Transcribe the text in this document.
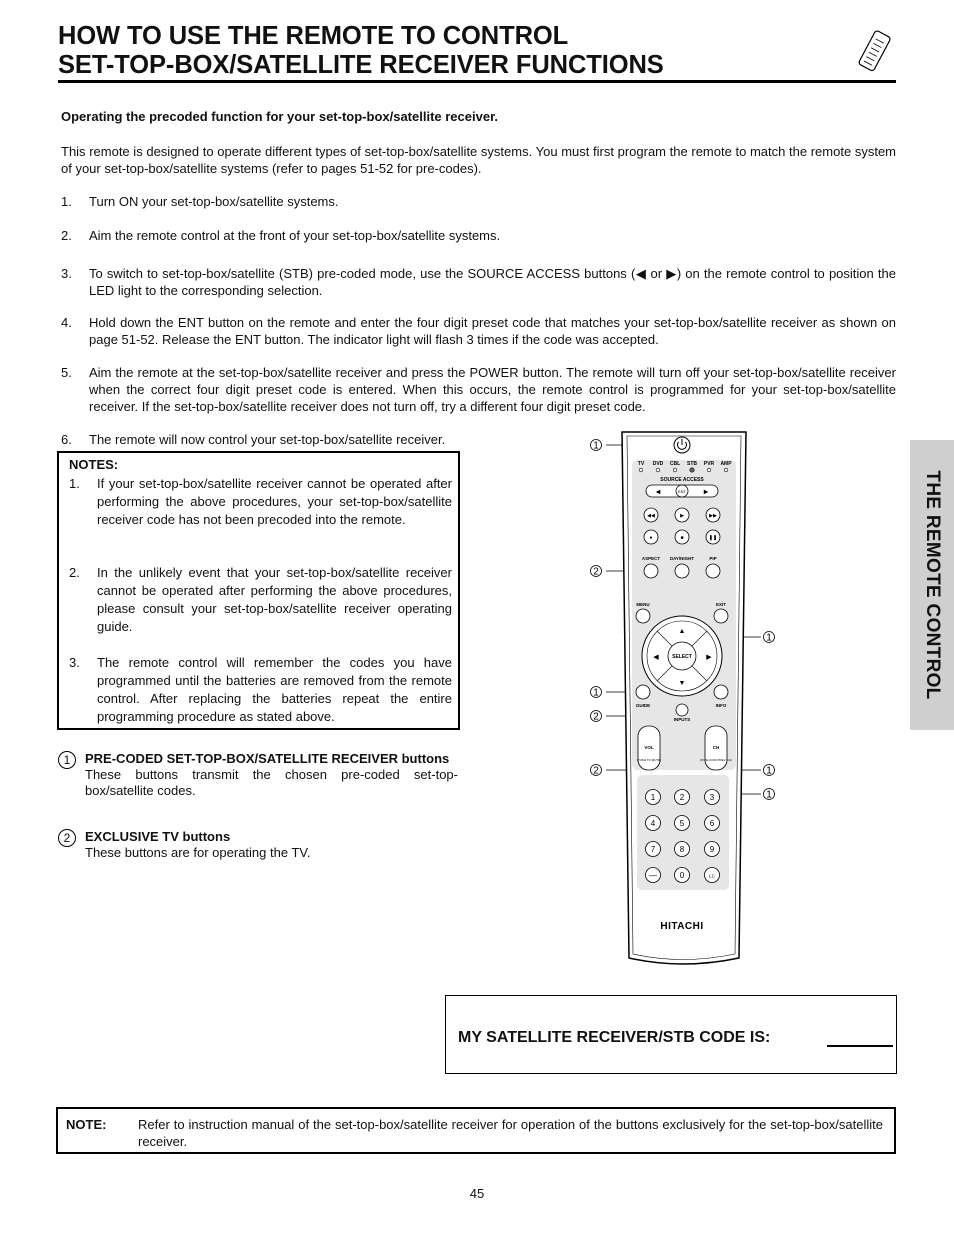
HOW TO USE THE REMOTE TO CONTROL
SET-TOP-BOX/SATELLITE RECEIVER FUNCTIONS
Operating the precoded function for your set-top-box/satellite receiver.
This remote is designed to operate different types of set-top-box/satellite systems. You must first program the remote to match the remote system of your set-top-box/satellite systems (refer to pages 51-52 for pre-codes).
1. Turn ON your set-top-box/satellite systems.
2. Aim the remote control at the front of your set-top-box/satellite systems.
3. To switch to set-top-box/satellite (STB) pre-coded mode, use the SOURCE ACCESS buttons (◀ or ▶) on the remote control to position the LED light to the corresponding selection.
4. Hold down the ENT button on the remote and enter the four digit preset code that matches your set-top-box/satellite receiver as shown on page 51-52. Release the ENT button. The indicator light will flash 3 times if the code was accepted.
5. Aim the remote at the set-top-box/satellite receiver and press the POWER button. The remote will turn off your set-top-box/satellite receiver when the correct four digit preset code is entered. When this occurs, the remote control is programmed for your set-top-box/satellite receiver. If the set-top-box/satellite receiver does not turn off, try a different four digit preset code.
6. The remote will now control your set-top-box/satellite receiver.
NOTES:
1. If your set-top-box/satellite receiver cannot be operated after performing the above procedures, your set-top-box/satellite receiver code has not been precoded into the remote.
2. In the unlikely event that your set-top-box/satellite receiver cannot be operated after performing the above procedures, please consult your set-top-box/satellite receiver operating guide.
3. The remote control will remember the codes you have programmed until the batteries are removed from the remote control. After replacing the batteries repeat the entire programming procedure as stated above.
1	PRE-CODED SET-TOP-BOX/SATELLITE RECEIVER buttons
These buttons transmit the chosen pre-coded set-top-box/satellite codes.
2	EXCLUSIVE TV buttons
These buttons are for operating the TV.
THE REMOTE CONTROL
1
2
1
2
2
1
1
1
TV DVD CBL STB PVR AMP
SOURCE ACCESS
◀	▶
ENT
◀◀	▶	▶▶
●	■	❚❚
ASPECT DAY/NIGHT	PIP
MENU	EXIT
SELECT
▲
▼
◀	▶
GUIDE	INFO
INPUTS
VOL
(PUSH TO MUTE)
CH
(PUSH FOR PREV CH)
1	2	3
4	5	6
7	8	9
—	0	LC
HITACHI
MY SATELLITE RECEIVER/STB CODE IS:
NOTE: Refer to instruction manual of the set-top-box/satellite receiver for operation of the buttons exclusively for the set-top-box/satellite receiver.
45
